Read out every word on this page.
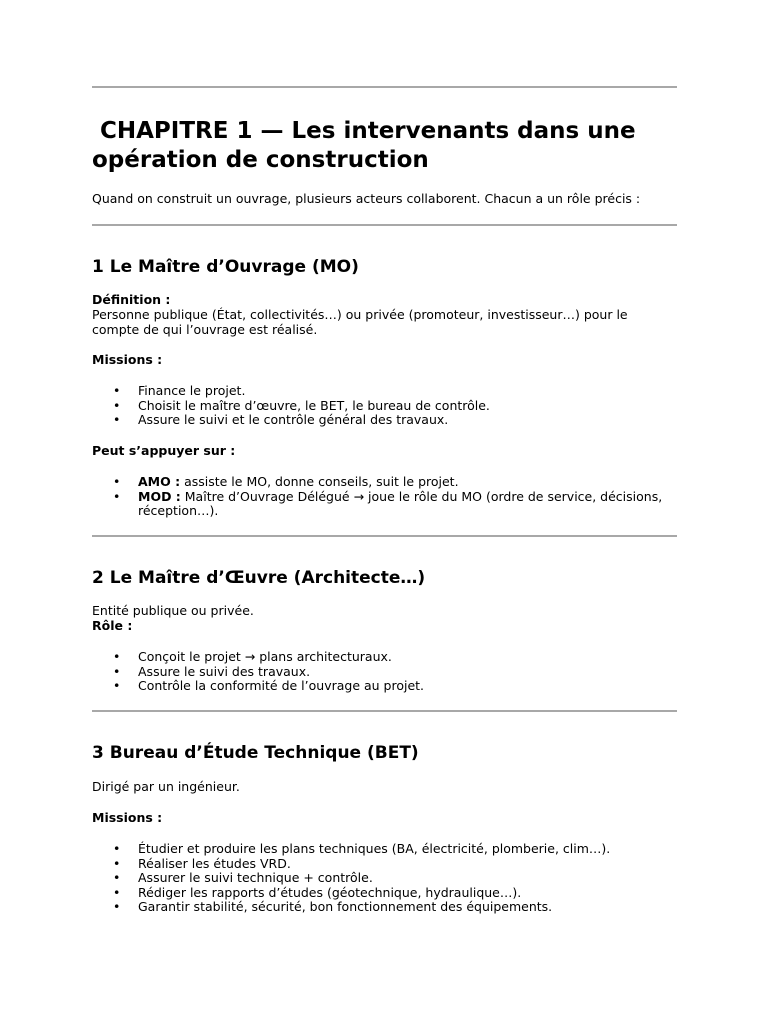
CHAPITRE 1 — Les intervenants dans une opération de construction

Quand on construit un ouvrage, plusieurs acteurs collaborent. Chacun a un rôle précis :

1 Le Maître d’Ouvrage (MO)

Définition :

Personne publique (État, collectivités…) ou privée (promoteur, investisseur…) pour le compte de qui l’ouvrage est réalisé.

Missions :

• Finance le projet.
• Choisit le maître d’œuvre, le BET, le bureau de contrôle.
• Assure le suivi et le contrôle général des travaux.

Peut s’appuyer sur :

• AMO : assiste le MO, donne conseils, suit le projet.
• MOD : Maître d’Ouvrage Délégué → joue le rôle du MO (ordre de service, décisions, réception…).
2 Le Maître d’Œuvre (Architecte…)

Entité publique ou privée.

Rôle :

• Conçoit le projet → plans architecturaux.
• Assure le suivi des travaux.
• Contrôle la conformité de l’ouvrage au projet.
3 Bureau d’Étude Technique (BET)

Dirigé par un ingénieur.

Missions :

• Étudier et produire les plans techniques (BA, électricité, plomberie, clim…).
• Réaliser les études VRD.
• Assurer le suivi technique + contrôle.
• Rédiger les rapports d’études (géotechnique, hydraulique…).
• Garantir stabilité, sécurité, bon fonctionnement des équipements.
